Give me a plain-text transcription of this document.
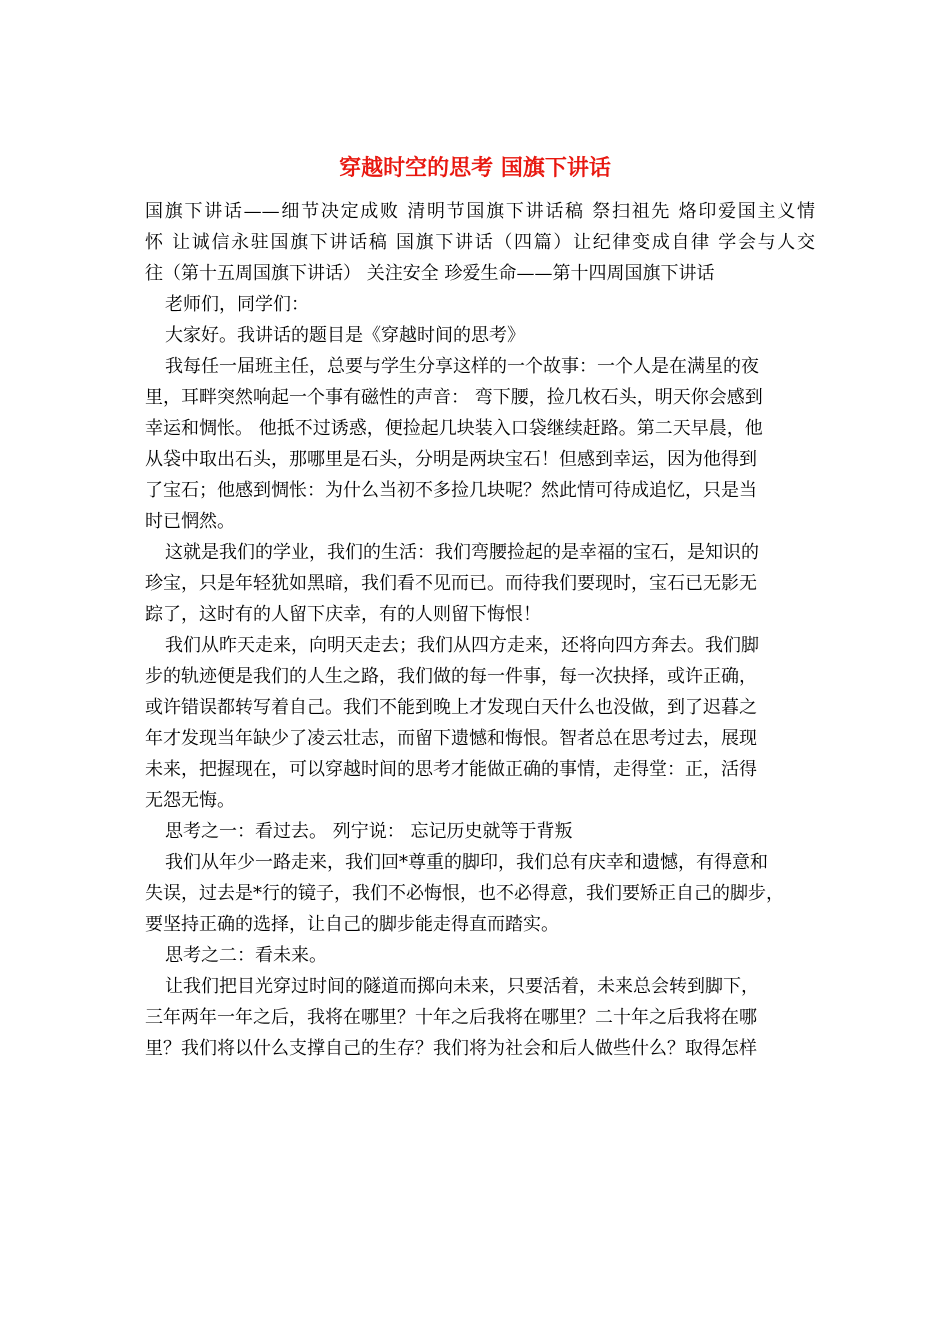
穿越时空的思考 国旗下讲话
国旗下讲话——细节决定成败 清明节国旗下讲话稿 祭扫祖先 烙印爱国主义情
怀 让诚信永驻国旗下讲话稿 国旗下讲话（四篇）让纪律变成自律 学会与人交
往（第十五周国旗下讲话） 关注安全 珍爱生命——第十四周国旗下讲话
老师们，同学们：
大家好。我讲话的题目是《穿越时间的思考》
我每任一届班主任，总要与学生分享这样的一个故事：一个人是在满星的夜
里，耳畔突然响起一个事有磁性的声音： 弯下腰，捡几枚石头，明天你会感到
幸运和惆怅。 他抵不过诱惑，便捡起几块装入口袋继续赶路。第二天早晨，他
从袋中取出石头，那哪里是石头，分明是两块宝石！但感到幸运，因为他得到
了宝石；他感到惆怅：为什么当初不多捡几块呢？然此情可待成追忆，只是当
时已惘然。
这就是我们的学业，我们的生活：我们弯腰捡起的是幸福的宝石，是知识的
珍宝，只是年轻犹如黑暗，我们看不见而已。而待我们要现时，宝石已无影无
踪了，这时有的人留下庆幸，有的人则留下悔恨！
我们从昨天走来，向明天走去；我们从四方走来，还将向四方奔去。我们脚
步的轨迹便是我们的人生之路，我们做的每一件事，每一次抉择，或许正确，
或许错误都转写着自己。我们不能到晚上才发现白天什么也没做，到了迟暮之
年才发现当年缺少了凌云壮志，而留下遗憾和悔恨。智者总在思考过去，展现
未来，把握现在，可以穿越时间的思考才能做正确的事情，走得堂：正，活得
无怨无悔。
思考之一：看过去。 列宁说： 忘记历史就等于背叛
我们从年少一路走来，我们回*尊重的脚印，我们总有庆幸和遗憾，有得意和
失误，过去是*行的镜子，我们不必悔恨，也不必得意，我们要矫正自己的脚步，
要坚持正确的选择，让自己的脚步能走得直而踏实。
思考之二：看未来。
让我们把目光穿过时间的隧道而掷向未来，只要活着，未来总会转到脚下，
三年两年一年之后，我将在哪里？十年之后我将在哪里？二十年之后我将在哪
里？我们将以什么支撑自己的生存？我们将为社会和后人做些什么？取得怎样
